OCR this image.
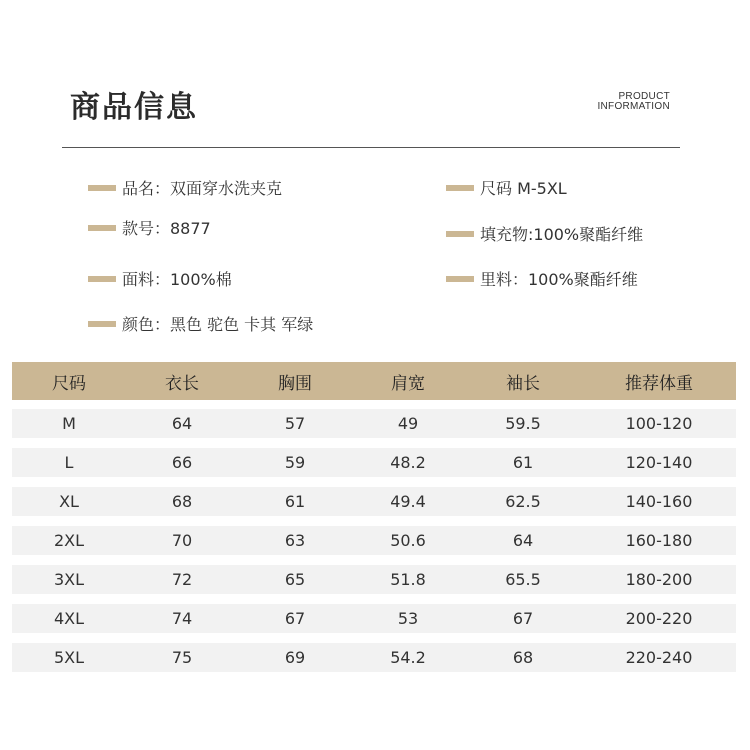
商品信息	PRODUCT
INFORMATION
品名：双面穿水洗夹克	尺码 M-5XL
款号：8877	填充物:100%聚酯纤维
面料：100%棉	里料：100%聚酯纤维
颜色：黑色 驼色 卡其 军绿
尺码	衣长	胸围	肩宽	袖长	推荐体重
M	64	57	49	59.5	100-120
L	66	59	48.2	61	120-140
XL	68	61	49.4	62.5	140-160
2XL	70	63	50.6	64	160-180
3XL	72	65	51.8	65.5	180-200
4XL	74	67	53	67	200-220
5XL	75	69	54.2	68	220-240
